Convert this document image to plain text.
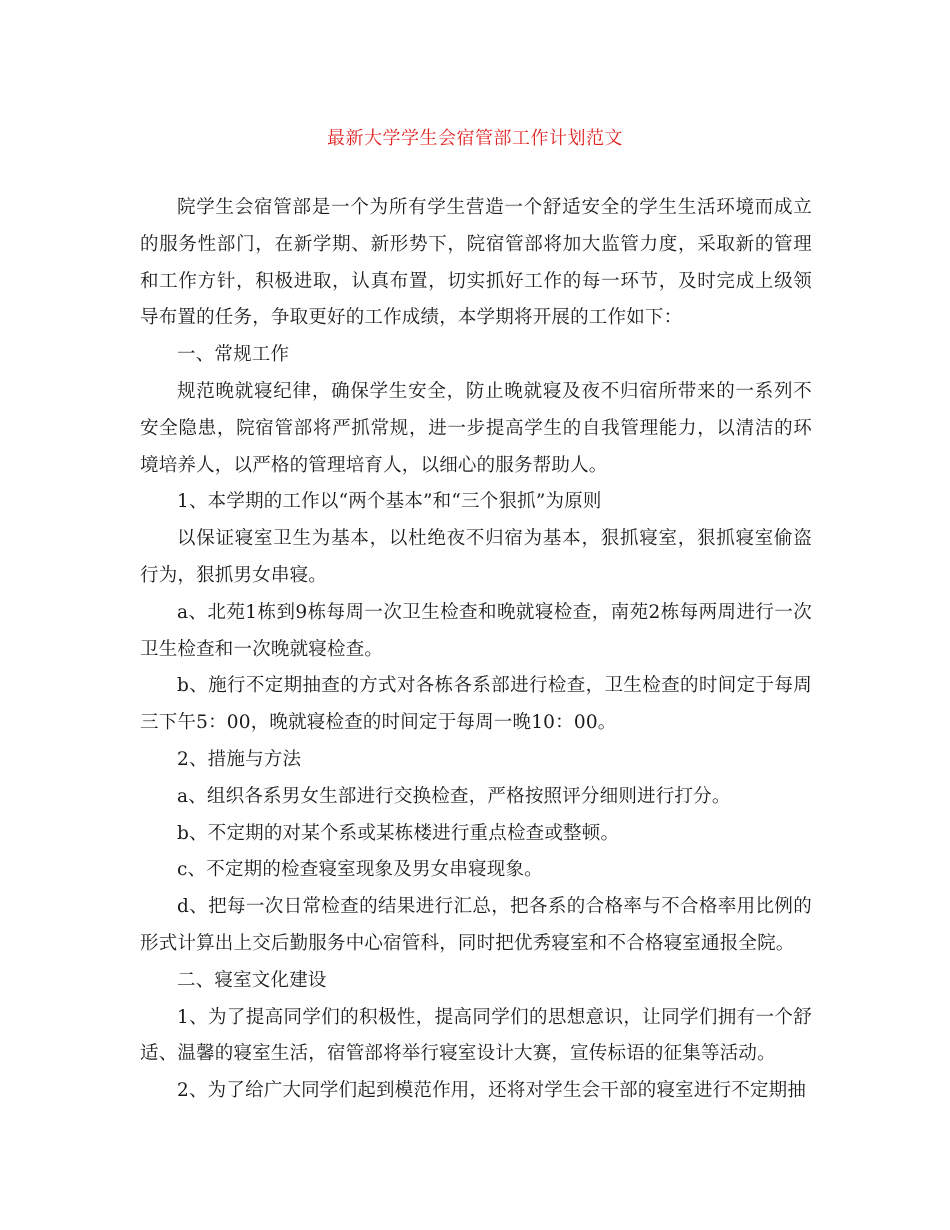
最新大学学生会宿管部工作计划范文

院学生会宿管部是一个为所有学生营造一个舒适安全的学生生活环境而成立的服务性部门，在新学期、新形势下，院宿管部将加大监管力度，采取新的管理和工作方针，积极进取，认真布置，切实抓好工作的每一环节，及时完成上级领导布置的任务，争取更好的工作成绩，本学期将开展的工作如下：

一、常规工作

规范晚就寝纪律，确保学生安全，防止晚就寝及夜不归宿所带来的一系列不安全隐患，院宿管部将严抓常规，进一步提高学生的自我管理能力，以清洁的环境培养人，以严格的管理培育人，以细心的服务帮助人。

1、本学期的工作以“两个基本”和“三个狠抓”为原则

以保证寝室卫生为基本，以杜绝夜不归宿为基本，狠抓寝室，狠抓寝室偷盗行为，狠抓男女串寝。

a、北苑1栋到9栋每周一次卫生检查和晚就寝检查，南苑2栋每两周进行一次卫生检查和一次晚就寝检查。

b、施行不定期抽查的方式对各栋各系部进行检查，卫生检查的时间定于每周三下午5：00，晚就寝检查的时间定于每周一晚10：00。

2、措施与方法

a、组织各系男女生部进行交换检查，严格按照评分细则进行打分。

b、不定期的对某个系或某栋楼进行重点检查或整顿。

c、不定期的检查寝室现象及男女串寝现象。

d、把每一次日常检查的结果进行汇总，把各系的合格率与不合格率用比例的形式计算出上交后勤服务中心宿管科，同时把优秀寝室和不合格寝室通报全院。

二、寝室文化建设

1、为了提高同学们的积极性，提高同学们的思想意识，让同学们拥有一个舒适、温馨的寝室生活，宿管部将举行寝室设计大赛，宣传标语的征集等活动。

2、为了给广大同学们起到模范作用，还将对学生会干部的寝室进行不定期抽
